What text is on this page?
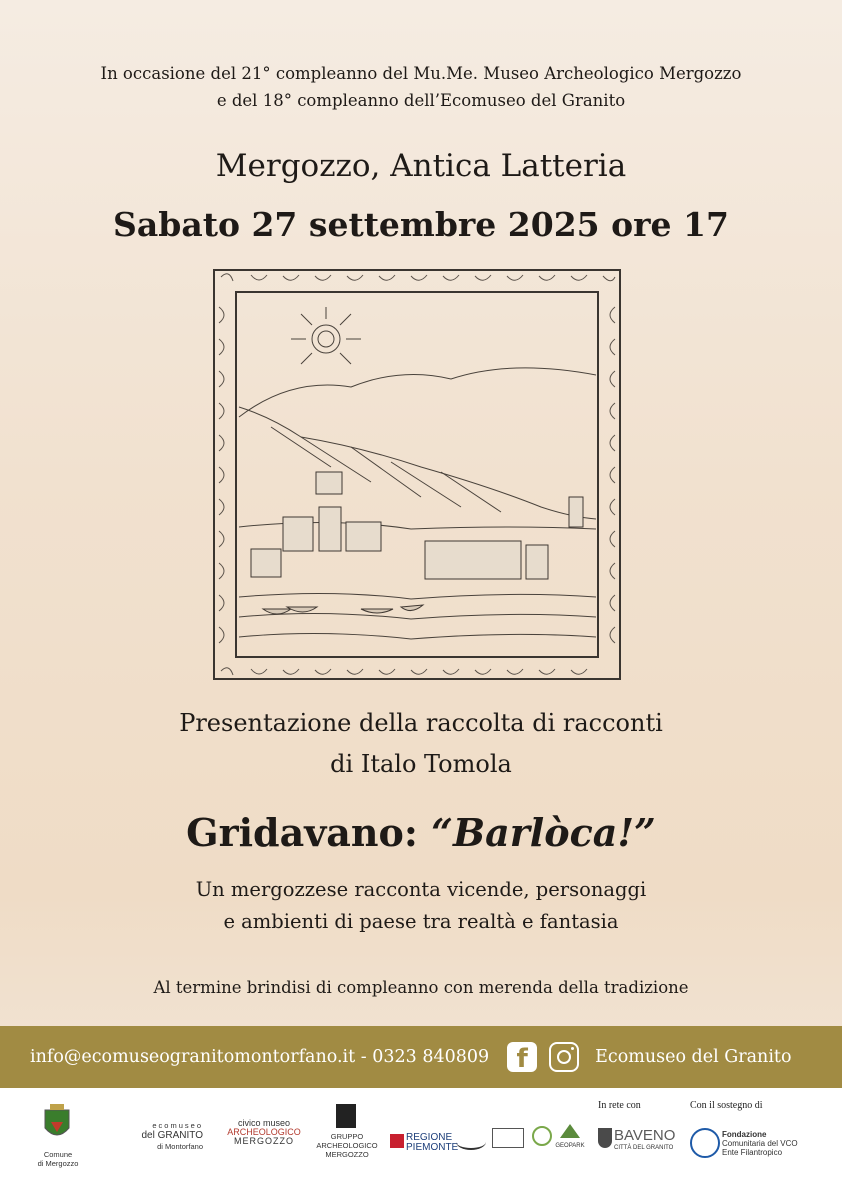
In occasione del 21° compleanno del Mu.Me. Museo Archeologico Mergozzo
e del 18° compleanno dell’Ecomuseo del Granito
Mergozzo, Antica Latteria
Sabato 27 settembre 2025 ore 17
Presentazione della raccolta di racconti
di Italo Tomola
Gridavano: “Barlòca!”
Un mergozzese racconta vicende, personaggi
e ambienti di paese tra realtà e fantasia
Al termine brindisi di compleanno con merenda della tradizione
info@ecomuseogranitomontorfano.it - 0323 840809	f	Ecomuseo del Granito
Comune
di Mergozzo
ecomuseo
del GRANITO
di Montorfano
civico museo
ARCHEOLOGICO
MERGOZZO	GRUPPO
ARCHEOLOGICO
MERGOZZO
REGIONE
PIEMONTE	GEOPARK
In rete con
BAVENO
CITTÀ DEL GRANITO
Con il sostegno di
Fondazione
Comunitaria del VCO
Ente Filantropico
